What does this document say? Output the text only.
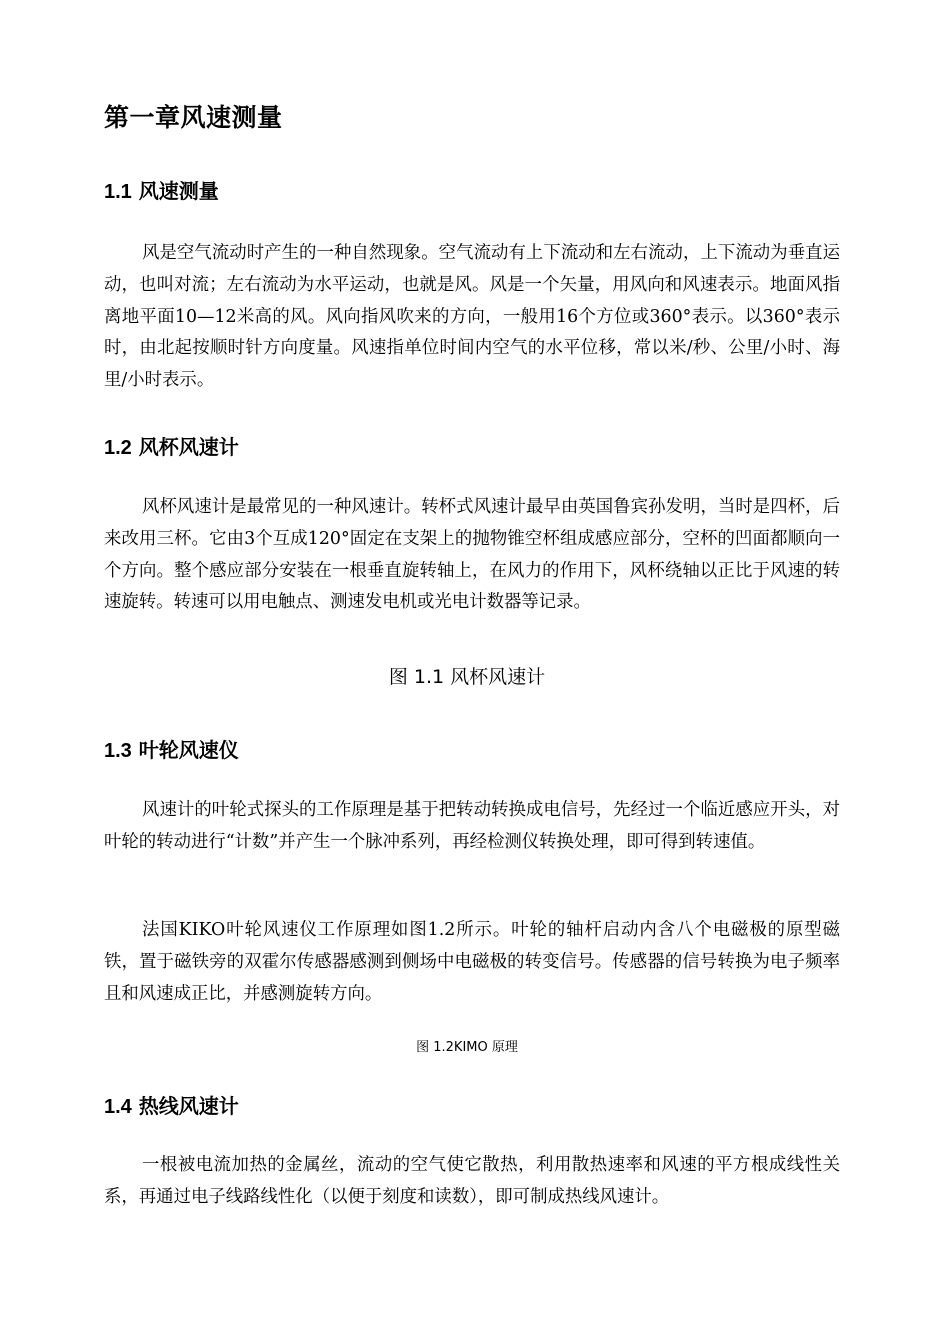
第一章风速测量
1.1 风速测量

风是空气流动时产生的一种自然现象。空气流动有上下流动和左右流动，上下流动为垂直运动，也叫对流；左右流动为水平运动，也就是风。风是一个矢量，用风向和风速表示。地面风指离地平面10—12米高的风。风向指风吹来的方向，一般用16个方位或360°表示。以360°表示时，由北起按顺时针方向度量。风速指单位时间内空气的水平位移，常以米/秒、公里/小时、海里/小时表示。

1.2 风杯风速计

风杯风速计是最常见的一种风速计。转杯式风速计最早由英国鲁宾孙发明，当时是四杯，后来改用三杯。它由3个互成120°固定在支架上的抛物锥空杯组成感应部分，空杯的凹面都顺向一个方向。整个感应部分安装在一根垂直旋转轴上，在风力的作用下，风杯绕轴以正比于风速的转速旋转。转速可以用电触点、测速发电机或光电计数器等记录。

图 1.1 风杯风速计

1.3 叶轮风速仪

风速计的叶轮式探头的工作原理是基于把转动转换成电信号，先经过一个临近感应开头，对叶轮的转动进行“计数”并产生一个脉冲系列，再经检测仪转换处理，即可得到转速值。

法国KIKO叶轮风速仪工作原理如图1.2所示。叶轮的轴杆启动内含八个电磁极的原型磁铁，置于磁铁旁的双霍尔传感器感测到侧场中电磁极的转变信号。传感器的信号转换为电子频率且和风速成正比，并感测旋转方向。

图 1.2KIMO 原理

1.4 热线风速计

一根被电流加热的金属丝，流动的空气使它散热，利用散热速率和风速的平方根成线性关系，再通过电子线路线性化（以便于刻度和读数），即可制成热线风速计。
